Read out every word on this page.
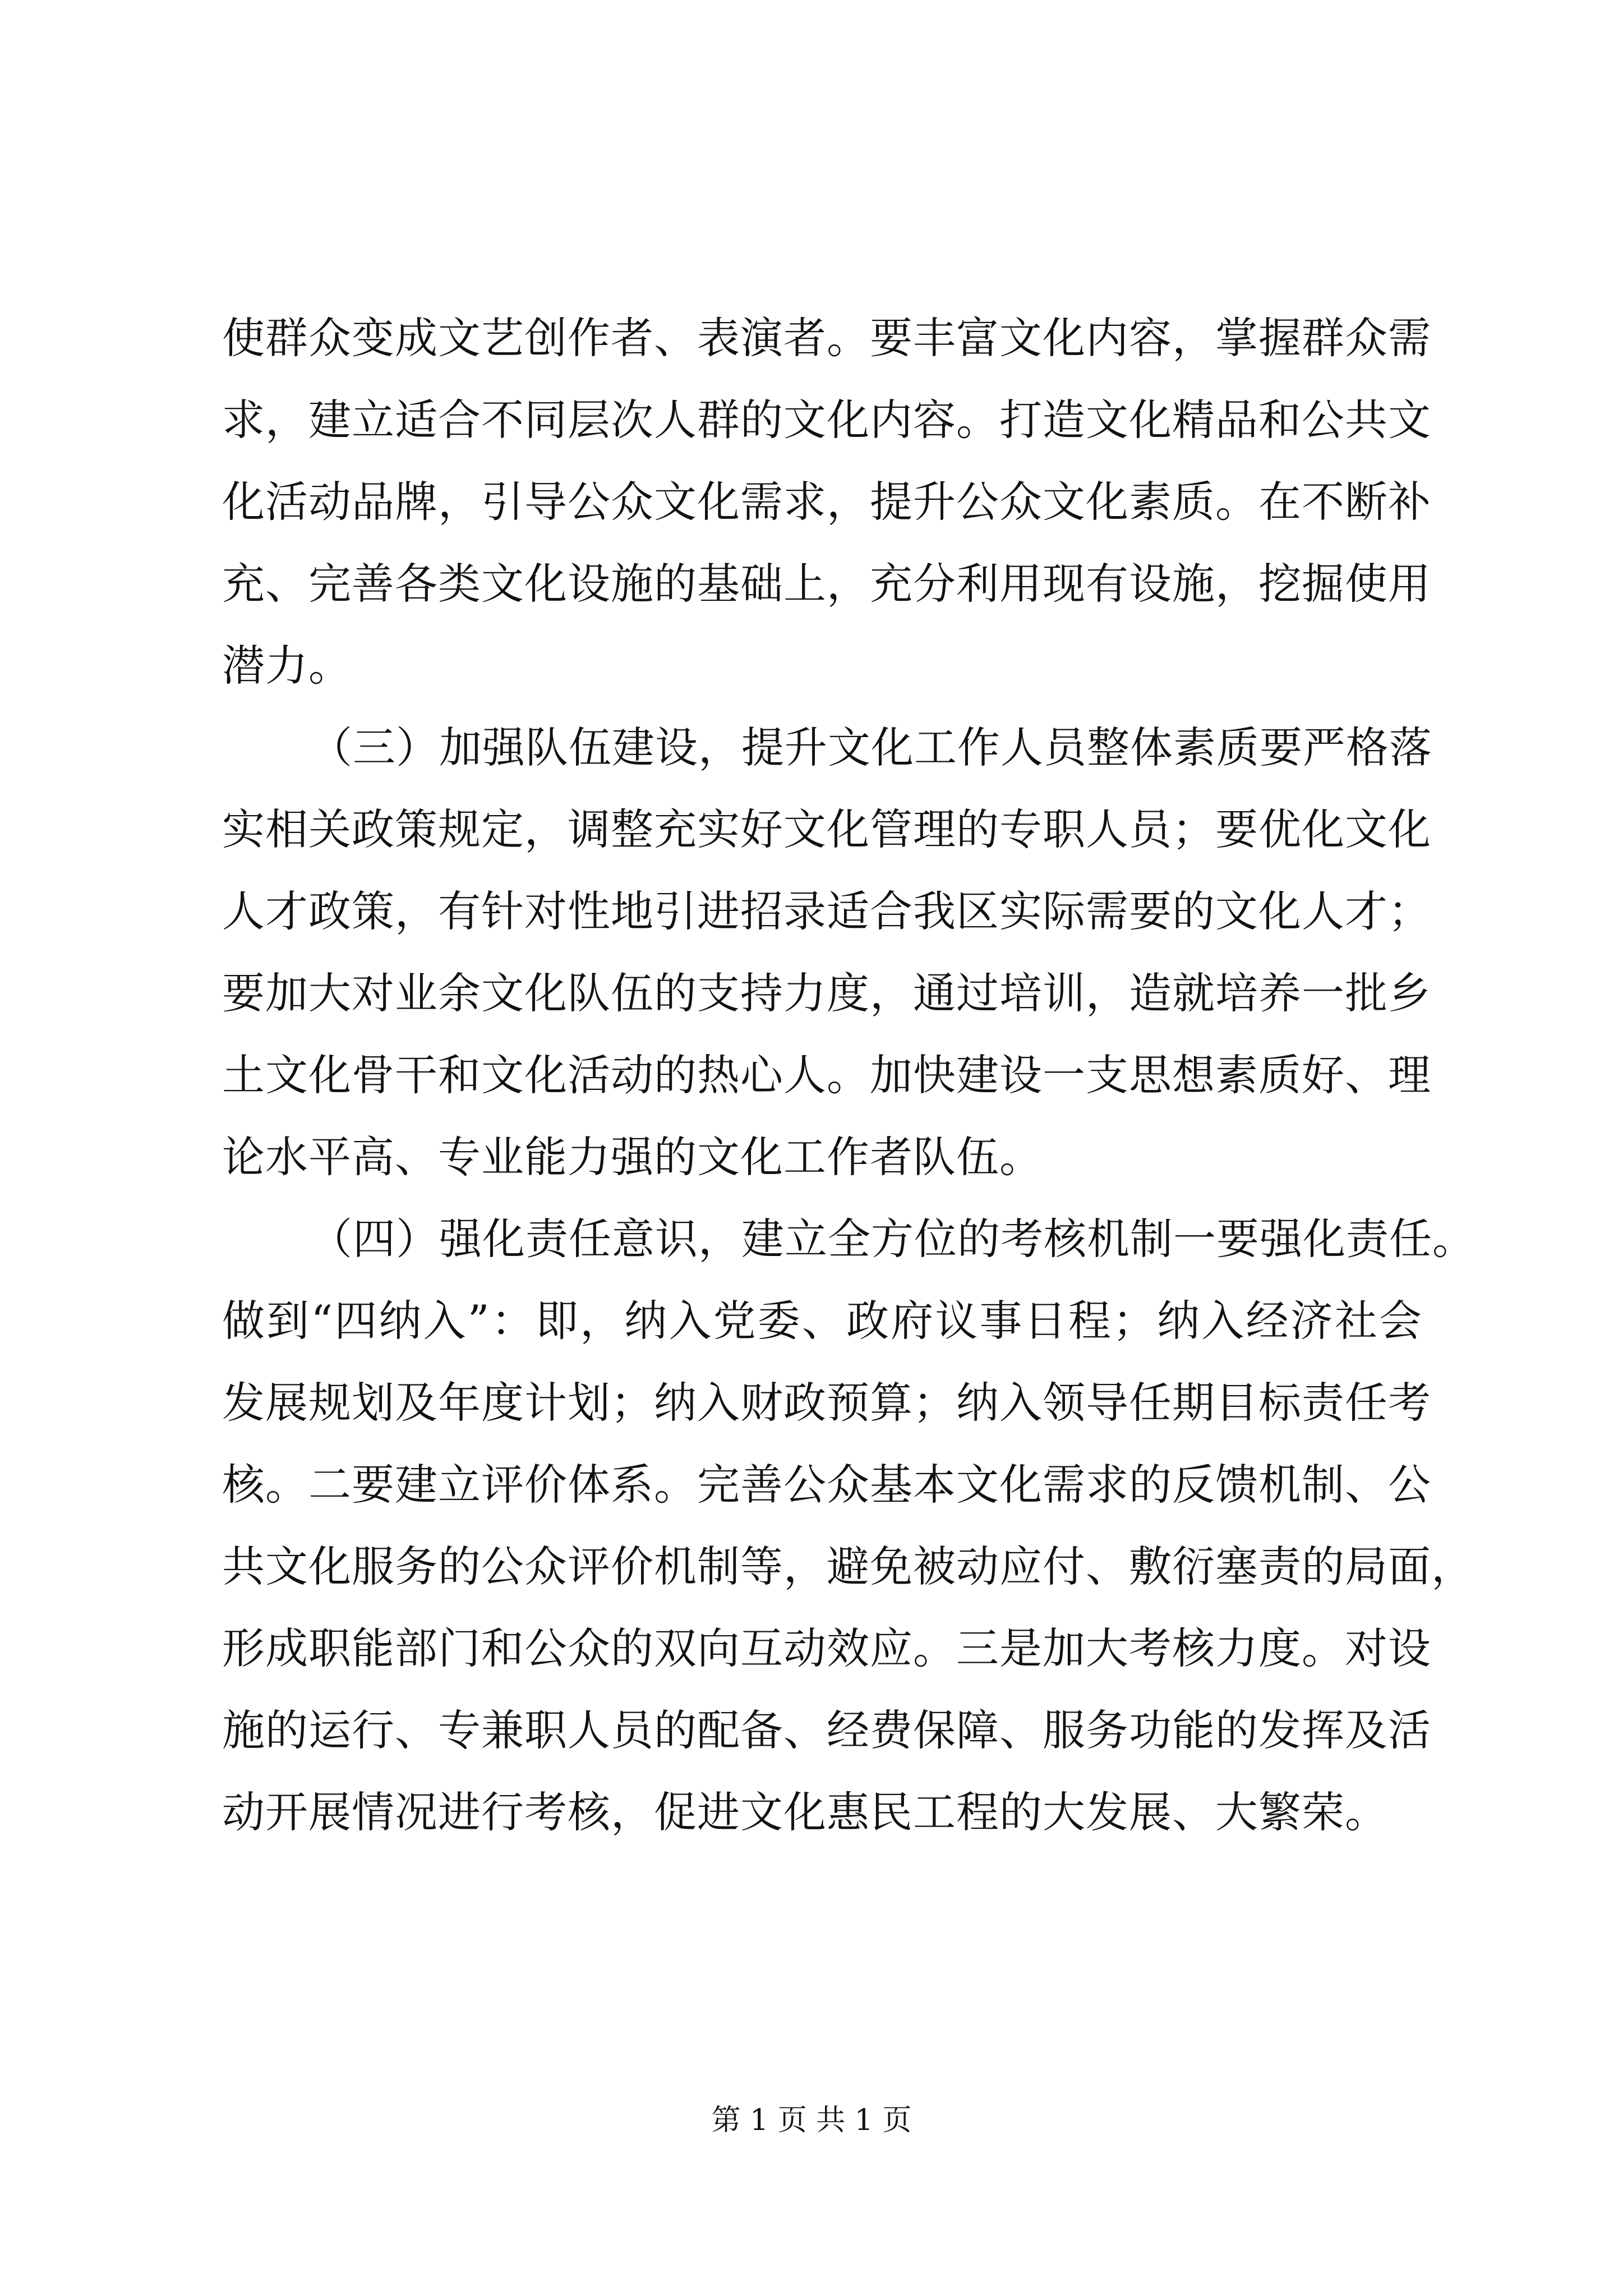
使群众变成文艺创作者、表演者。要丰富文化内容，掌握群众需
求，建立适合不同层次人群的文化内容。打造文化精品和公共文
化活动品牌，引导公众文化需求，提升公众文化素质。在不断补
充、完善各类文化设施的基础上，充分利用现有设施，挖掘使用
潜力。
（三）加强队伍建设，提升文化工作人员整体素质要严格落
实相关政策规定，调整充实好文化管理的专职人员；要优化文化
人才政策，有针对性地引进招录适合我区实际需要的文化人才；
要加大对业余文化队伍的支持力度，通过培训，造就培养一批乡
土文化骨干和文化活动的热心人。加快建设一支思想素质好、理
论水平高、专业能力强的文化工作者队伍。
（四）强化责任意识，建立全方位的考核机制一要强化责任。
做到“四纳入”：即，纳入党委、政府议事日程；纳入经济社会
发展规划及年度计划；纳入财政预算；纳入领导任期目标责任考
核。二要建立评价体系。完善公众基本文化需求的反馈机制、公
共文化服务的公众评价机制等，避免被动应付、敷衍塞责的局面，
形成职能部门和公众的双向互动效应。三是加大考核力度。对设
施的运行、专兼职人员的配备、经费保障、服务功能的发挥及活
动开展情况进行考核，促进文化惠民工程的大发展、大繁荣。
第 1 页 共 1 页
